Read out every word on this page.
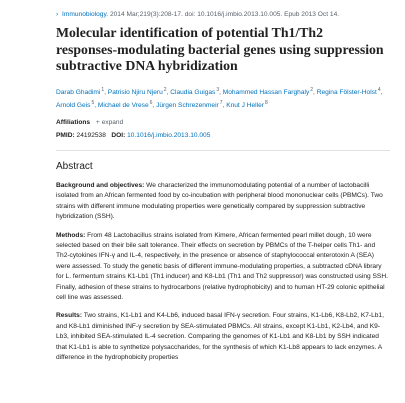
› Immunobiology. 2014 Mar;219(3):208-17. doi: 10.1016/j.imbio.2013.10.005. Epub 2013 Oct 14.
Molecular identification of potential Th1/Th2 responses-modulating bacterial genes using suppression subtractive DNA hybridization
Darab Ghadimi$^1$, Patrisio Njiru Njeru$^2$, Claudia Guigas$^3$, Mohammed Hassan Farghaly$^2$, Regina Fölster-Holst$^4$, Arnold Geis$^5$, Michael de Vrese$^6$, Jürgen Schrezenmeir$^7$, Knut J Heller$^8$
Affiliations + expand
PMID: 24192538 DOI: 10.1016/j.imbio.2013.10.005
Abstract

Background and objectives: We characterized the immunomodulating potential of a number of lactobacilli isolated from an African fermented food by co-incubation with peripheral blood mononuclear cells (PBMCs). Two strains with different immune modulating properties were genetically compared by suppression subtractive hybridization (SSH).

Methods: From 48 Lactobacillus strains isolated from Kimere, African fermented pearl millet dough, 10 were selected based on their bile salt tolerance. Their effects on secretion by PBMCs of the T-helper cells Th1- and Th2-cytokines IFN-γ and IL-4, respectively, in the presence or absence of staphylococcal enterotoxin A (SEA) were assessed. To study the genetic basis of different immune-modulating properties, a subtracted cDNA library for L. fermentum strains K1-Lb1 (Th1 inducer) and K8-Lb1 (Th1 and Th2 suppressor) was constructed using SSH. Finally, adhesion of these strains to hydrocarbons (relative hydrophobicity) and to human HT-29 colonic epithelial cell line was assessed.

Results: Two strains, K1-Lb1 and K4-Lb6, induced basal IFN-γ secretion. Four strains, K1-Lb6, K8-Lb2, K7-Lb1, and K8-Lb1 diminished INF-γ secretion by SEA-stimulated PBMCs. All strains, except K1-Lb1, K2-Lb4, and K9-Lb3, inhibited SEA-stimulated IL-4 secretion. Comparing the genomes of K1-Lb1 and K8-Lb1 by SSH indicated that K1-Lb1 is able to synthetize polysaccharides, for the synthesis of which K1-Lb8 appears to lack enzymes. A difference in the hydrophobicity properties
